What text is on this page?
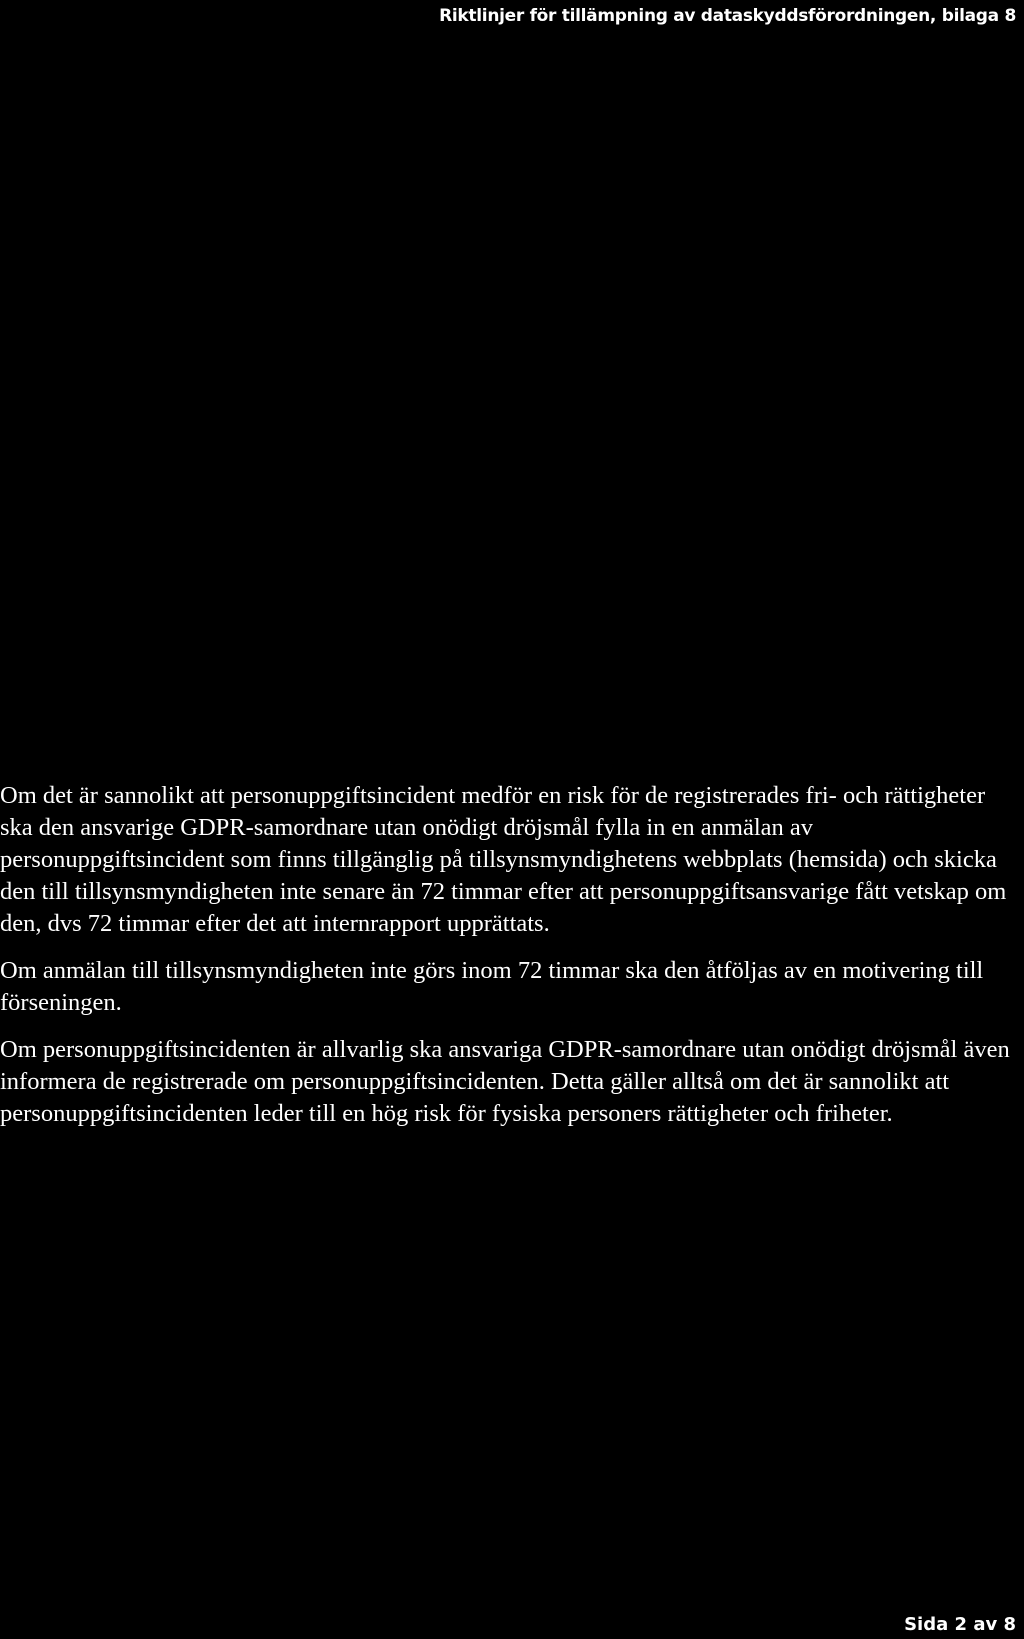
Riktlinjer för tillämpning av dataskyddsförordningen, bilaga 8

Om det är sannolikt att personuppgiftsincident medför en risk för de registrerades fri- och rättigheter ska den ansvarige GDPR-samordnare utan onödigt dröjsmål fylla in en anmälan av personuppgiftsincident som finns tillgänglig på tillsynsmyndighetens webbplats (hemsida) och skicka den till tillsynsmyndigheten inte senare än 72 timmar efter att personuppgiftsansvarige fått vetskap om den, dvs 72 timmar efter det att internrapport upprättats.

Om anmälan till tillsynsmyndigheten inte görs inom 72 timmar ska den åtföljas av en motivering till förseningen.

Om personuppgiftsincidenten är allvarlig ska ansvariga GDPR-samordnare utan onödigt dröjsmål även informera de registrerade om personuppgiftsincidenten. Detta gäller alltså om det är sannolikt att personuppgiftsincidenten leder till en hög risk för fysiska personers rättigheter och friheter.

Sida 2 av 8
